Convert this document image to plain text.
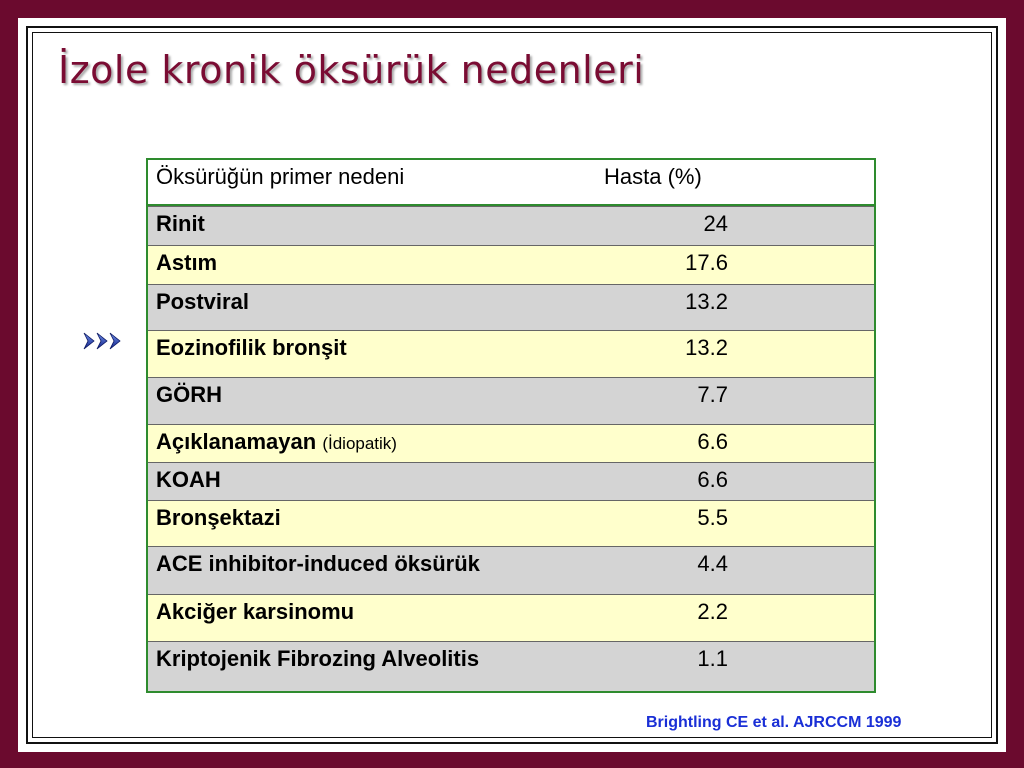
İzole kronik öksürük nedenleri
Öksürüğün primer nedeni	Hasta (%)
Rinit	24
Astım	17.6
Postviral	13.2
Eozinofilik bronşit	13.2
GÖRH	7.7
Açıklanamayan (İdiopatik)	6.6
KOAH	6.6
Bronşektazi	5.5
ACE inhibitor-induced öksürük	4.4
Akciğer karsinomu	2.2
Kriptojenik Fibrozing Alveolitis	1.1
Brightling CE et al. AJRCCM 1999
